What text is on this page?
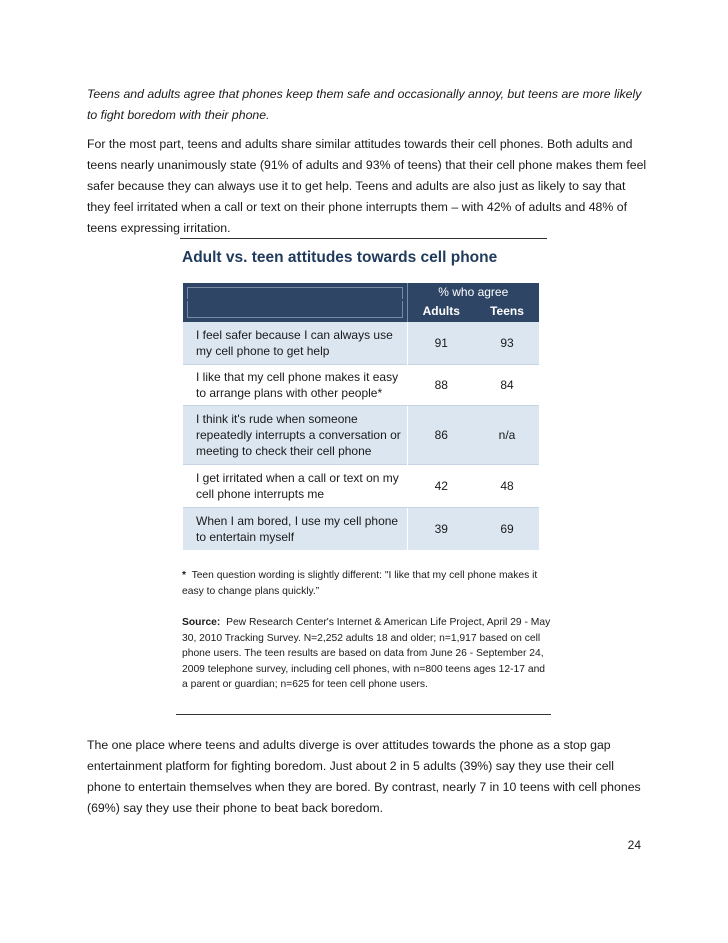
Teens and adults agree that phones keep them safe and occasionally annoy, but teens are more likely to fight boredom with their phone.

For the most part, teens and adults share similar attitudes towards their cell phones. Both adults and teens nearly unanimously state (91% of adults and 93% of teens) that their cell phone makes them feel safer because they can always use it to get help. Teens and adults are also just as likely to say that they feel irritated when a call or text on their phone interrupts them – with 42% of adults and 48% of teens expressing irritation.

Adult vs. teen attitudes towards cell phone
	% who agree	

	Adults	Teens
I feel safer because I can always use my cell phone to get help	91	93
I like that my cell phone makes it easy to arrange plans with other people*	88	84
I think it's rude when someone repeatedly interrupts a conversation or meeting to check their cell phone	86	n/a
I get irritated when a call or text on my cell phone interrupts me	42	48
When I am bored, I use my cell phone to entertain myself	39	69

* Teen question wording is slightly different: "I like that my cell phone makes it easy to change plans quickly.”

Source: Pew Research Center's Internet & American Life Project, April 29 - May 30, 2010 Tracking Survey. N=2,252 adults 18 and older; n=1,917 based on cell phone users. The teen results are based on data from June 26 - September 24, 2009 telephone survey, including cell phones, with n=800 teens ages 12-17 and a parent or guardian; n=625 for teen cell phone users.

The one place where teens and adults diverge is over attitudes towards the phone as a stop gap entertainment platform for fighting boredom. Just about 2 in 5 adults (39%) say they use their cell phone to entertain themselves when they are bored. By contrast, nearly 7 in 10 teens with cell phones (69%) say they use their phone to beat back boredom.

24
